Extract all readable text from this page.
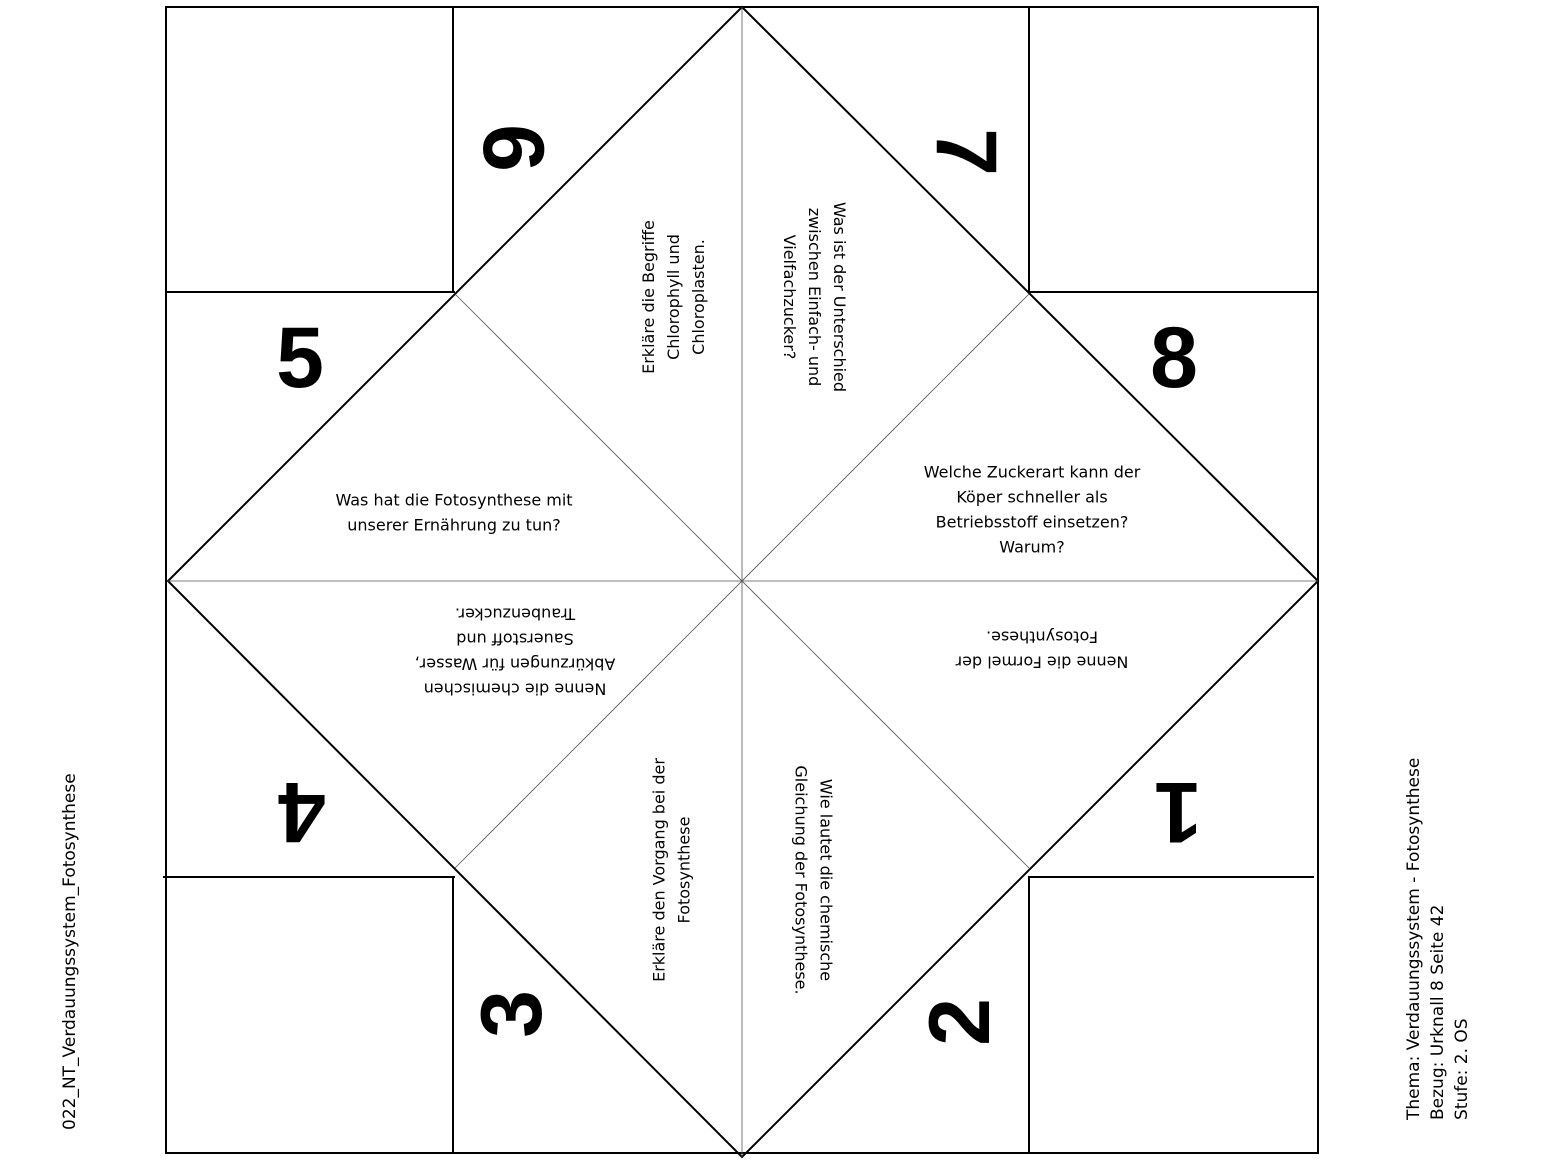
5	8
6	7
4	1
3	2
Erkläre die Begriffe Chlorophyll und Chloroplasten.	Was ist der Unterschiedzwischen Einfach- undVielfachzucker?
Was hat die Fotosynthese mit unserer Ernährung zu tun?
Welche Zuckerart kann der Köper schneller als Betriebsstoff einsetzen? Warum?
Nenne die chemischenAbkürzungen für Wasser,Sauerstoff undTraubenzucker.
Nenne die Formel derFotosynthese.
Erkläre den Vorgang bei der Fotosynthese	Wie lautet die chemischeGleichung der Fotosynthese.
022_NT_Verdauungssystem_Fotosynthese	Thema: Verdauungssystem - Fotosynthese Bezug: Urknall 8 Seite 42 Stufe: 2. OS
